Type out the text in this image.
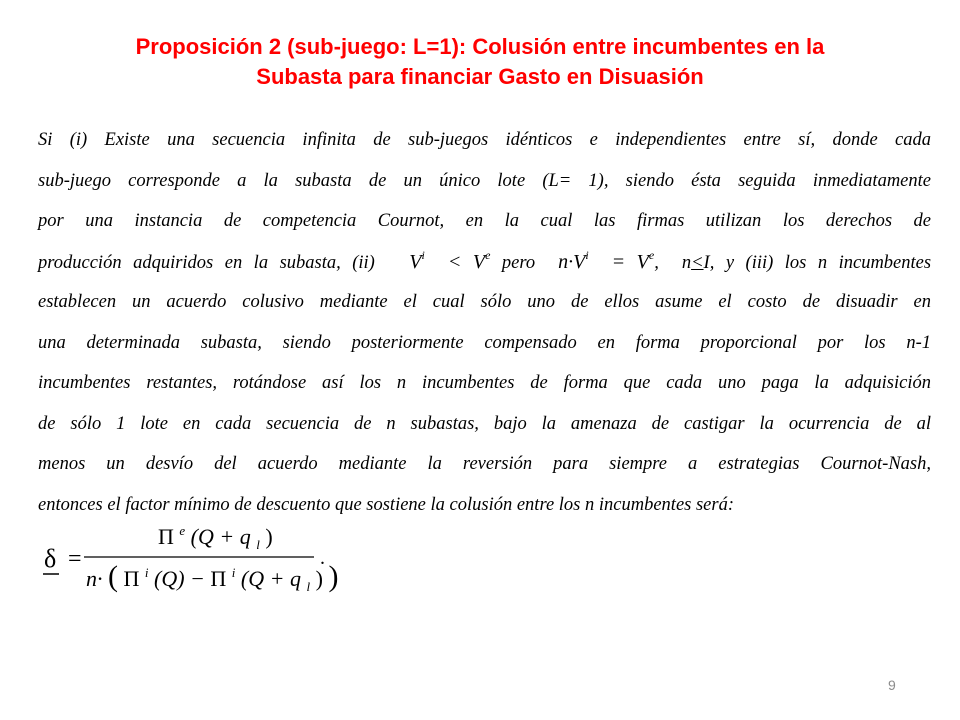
Proposición 2 (sub-juego: L=1): Colusión entre incumbentes en la
Subasta para financiar Gasto en Disuasión
Si (i) Existe una secuencia infinita de sub-juegos idénticos e independientes entre sí, donde cada
sub-juego corresponde a la subasta de un único lote (L= 1), siendo ésta seguida inmediatamente
por una instancia de competencia Cournot, en la cual las firmas utilizan los derechos de
producción adquiridos en la subasta, (ii) $V^i < V^e$ pero $n\cdot V^i = V^e$, n<I, y (iii) los n incumbentes
establecen un acuerdo colusivo mediante el cual sólo uno de ellos asume el costo de disuadir en
una determinada subasta, siendo posteriormente compensado en forma proporcional por los n-1
incumbentes restantes, rotándose así los n incumbentes de forma que cada uno paga la adquisición
de sólo 1 lote en cada secuencia de n subastas, bajo la amenaza de castigar la ocurrencia de al
menos un desvío del acuerdo mediante la reversión para siempre a estrategias Cournot-Nash,
entonces el factor mínimo de descuento que sostiene la colusión entre los n incumbentes será:
δ =
Π $^e$ (Q + q $_l$ )
n· ( Π $^i$ (Q) − Π $^i$ (Q + q $_l$ ) )
.
9
